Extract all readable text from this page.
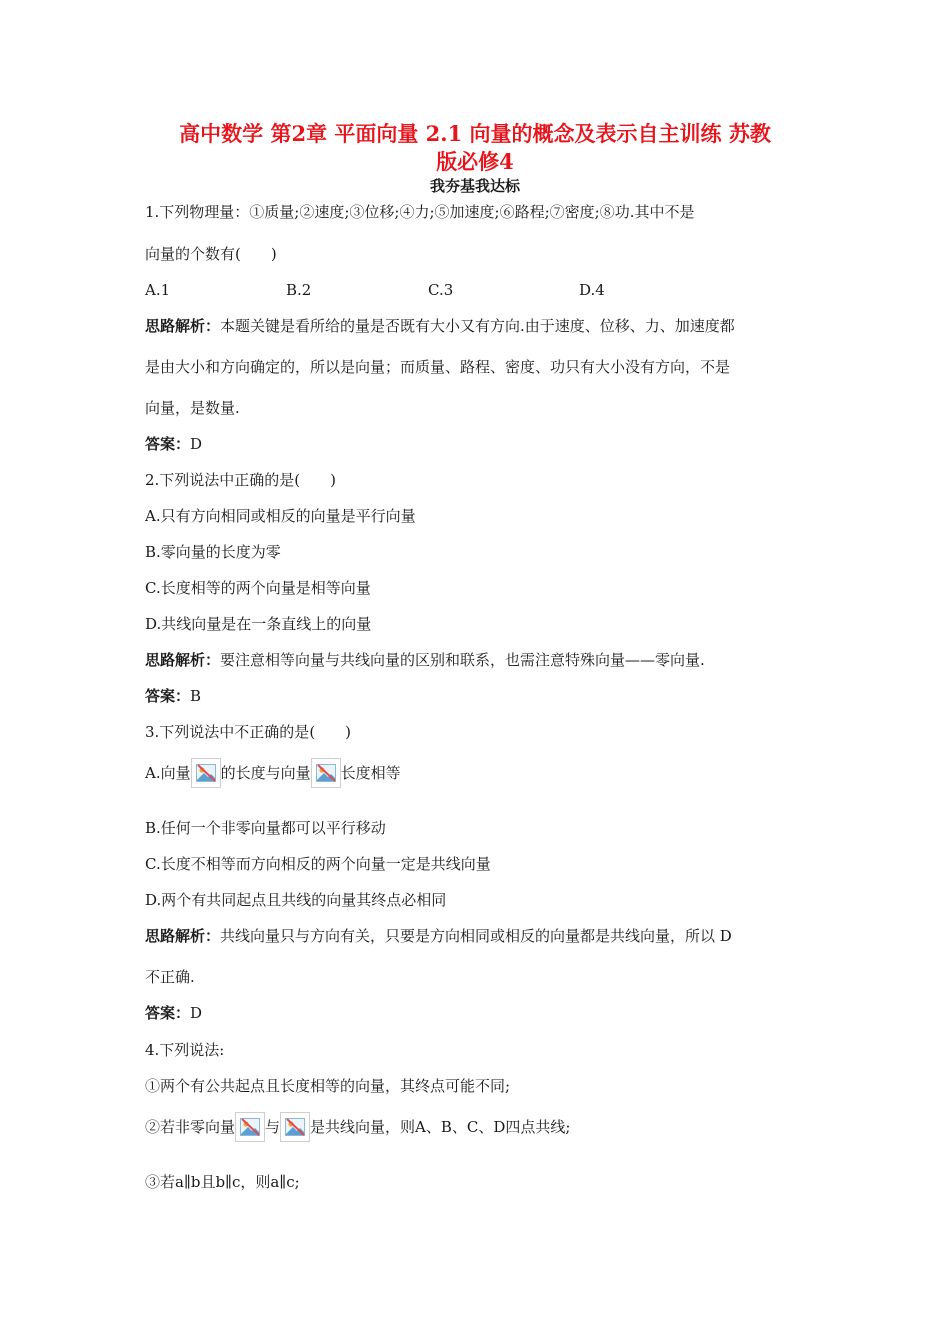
高中数学 第2章 平面向量 2.1 向量的概念及表示自主训练 苏教
版必修4
我夯基我达标
1.下列物理量：①质量;②速度;③位移;④力;⑤加速度;⑥路程;⑦密度;⑧功.其中不是
向量的个数有(　　)
A.1	B.2	C.3	D.4
思路解析：本题关键是看所给的量是否既有大小又有方向.由于速度、位移、力、加速度都
是由大小和方向确定的，所以是向量；而质量、路程、密度、功只有大小没有方向，不是
向量，是数量.
答案：D
2.下列说法中正确的是(　　)
A.只有方向相同或相反的向量是平行向量
B.零向量的长度为零
C.长度相等的两个向量是相等向量
D.共线向量是在一条直线上的向量
思路解析：要注意相等向量与共线向量的区别和联系，也需注意特殊向量——零向量.
答案：B
3.下列说法中不正确的是(　　)
A.向量 的长度与向量 长度相等
B.任何一个非零向量都可以平行移动
C.长度不相等而方向相反的两个向量一定是共线向量
D.两个有共同起点且共线的向量其终点必相同
思路解析：共线向量只与方向有关，只要是方向相同或相反的向量都是共线向量，所以 D
不正确.
答案：D
4.下列说法:
①两个有公共起点且长度相等的向量，其终点可能不同;
②若非零向量 与 是共线向量，则A、B、C、D四点共线;
③若a∥b且b∥c，则a∥c;
